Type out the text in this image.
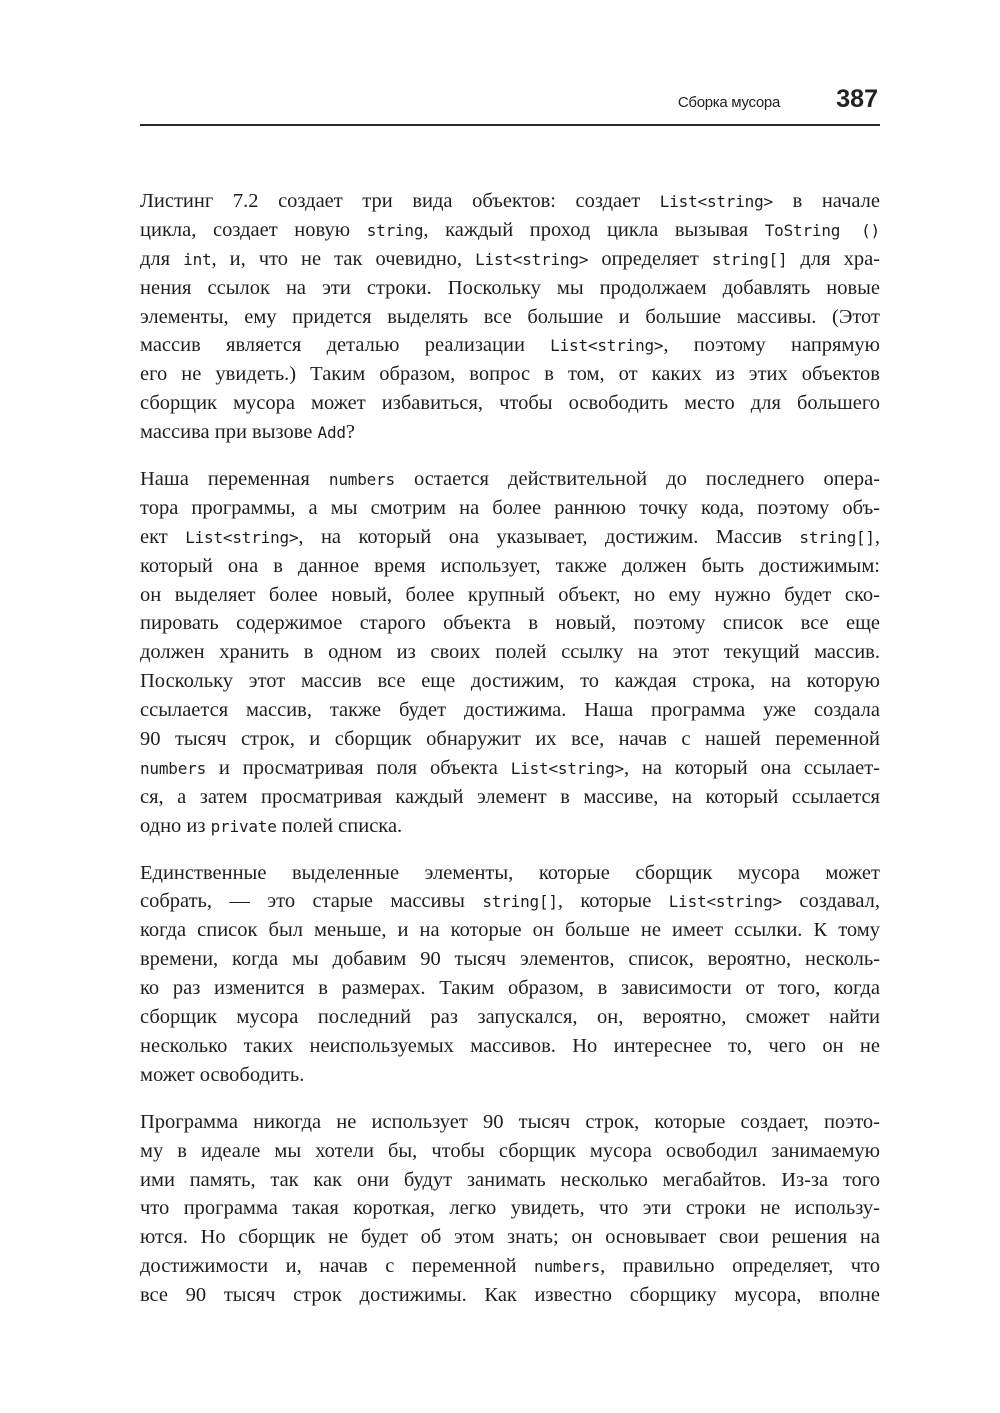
Сборка мусора 387

Листинг 7.2 создает три вида объектов: создает List<string> в начале
цикла, создает новую string, каждый проход цикла вызывая ToString ()
для int, и, что не так очевидно, List<string> определяет string[] для хра-
нения ссылок на эти строки. Поскольку мы продолжаем добавлять новые
элементы, ему придется выделять все большие и большие массивы. (Этот
массив является деталью реализации List<string>, поэтому напрямую
его не увидеть.) Таким образом, вопрос в том, от каких из этих объектов
сборщик мусора может избавиться, чтобы освободить место для большего
массива при вызове Add?

Наша переменная numbers остается действительной до последнего опера-
тора программы, а мы смотрим на более раннюю точку кода, поэтому объ-
ект List<string>, на который она указывает, достижим. Массив string[],
который она в данное время использует, также должен быть достижимым:
он выделяет более новый, более крупный объект, но ему нужно будет ско-
пировать содержимое старого объекта в новый, поэтому список все еще
должен хранить в одном из своих полей ссылку на этот текущий массив.
Поскольку этот массив все еще достижим, то каждая строка, на которую
ссылается массив, также будет достижима. Наша программа уже создала
90 тысяч строк, и сборщик обнаружит их все, начав с нашей переменной
numbers и просматривая поля объекта List<string>, на который она ссылает-
ся, а затем просматривая каждый элемент в массиве, на который ссылается
одно из private полей списка.

Единственные выделенные элементы, которые сборщик мусора может
собрать, — это старые массивы string[], которые List<string> создавал,
когда список был меньше, и на которые он больше не имеет ссылки. К тому
времени, когда мы добавим 90 тысяч элементов, список, вероятно, несколь-
ко раз изменится в размерах. Таким образом, в зависимости от того, когда
сборщик мусора последний раз запускался, он, вероятно, сможет найти
несколько таких неиспользуемых массивов. Но интереснее то, чего он не
может освободить.

Программа никогда не использует 90 тысяч строк, которые создает, поэто-
му в идеале мы хотели бы, чтобы сборщик мусора освободил занимаемую
ими память, так как они будут занимать несколько мегабайтов. Из-за того
что программа такая короткая, легко увидеть, что эти строки не использу-
ются. Но сборщик не будет об этом знать; он основывает свои решения на
достижимости и, начав с переменной numbers, правильно определяет, что
все 90 тысяч строк достижимы. Как известно сборщику мусора, вполне
